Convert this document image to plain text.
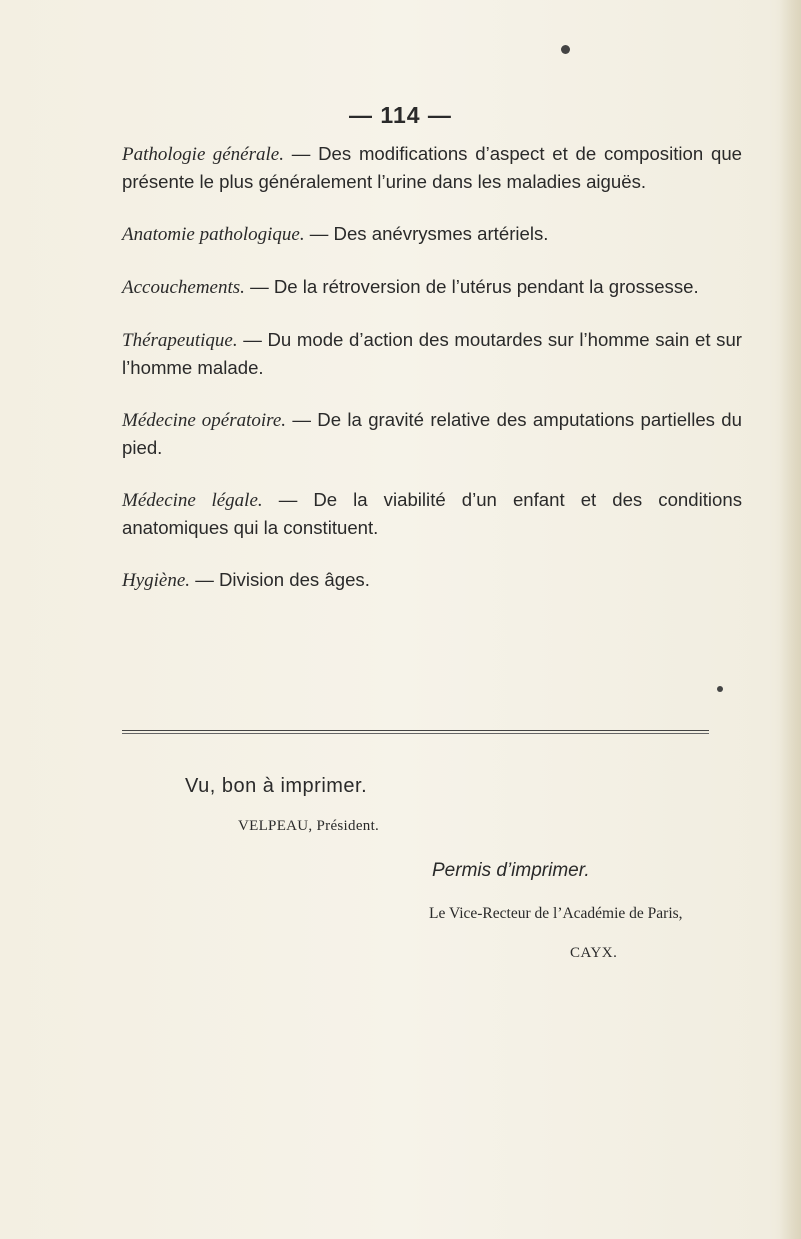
— 114 —

Pathologie générale. — Des modifications d’aspect et de composition que présente le plus généralement l’urine dans les maladies aiguës.

Anatomie pathologique. — Des anévrysmes artériels.

Accouchements. — De la rétroversion de l’utérus pendant la grossesse.

Thérapeutique. — Du mode d’action des moutardes sur l’homme sain et sur l’homme malade.

Médecine opératoire. — De la gravité relative des amputations partielles du pied.

Médecine légale. — De la viabilité d’un enfant et des conditions anatomiques qui la constituent.

Hygiène. — Division des âges.

Vu, bon à imprimer.
VELPEAU, Président.
Permis d’imprimer.
Le Vice-Recteur de l’Académie de Paris,
CAYX.
